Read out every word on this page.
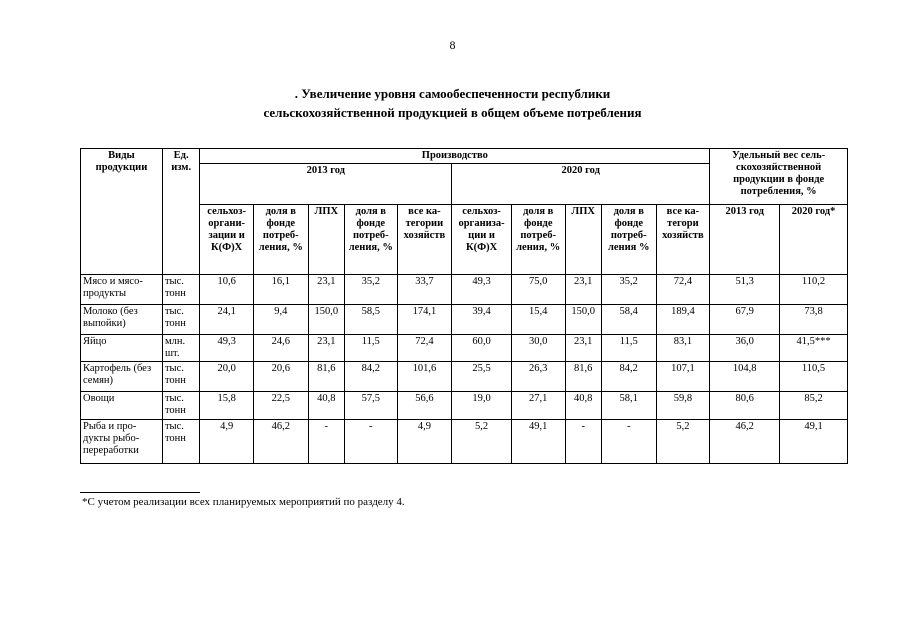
8
. Увеличение уровня самообеспеченности республики
сельскохозяйственной продукцией в общем объеме потребления
Виды продукции	Ед. изм.	Производство										Удельный вес сель-скохозяйственной продукции в фонде потребления, %	
		2013 год					2020 год						
		сельхоз-органи-зации и К(Ф)Х	доля в фонде потреб-ления, %	ЛПХ	доля в фонде потреб-ления, %	все ка-тегории хозяйств	сельхоз-организа-ции и К(Ф)Х	доля в фонде потреб-ления, %	ЛПХ	доля в фонде потреб-ления %	все ка-тегори хозяйств	2013 год	2020 год*
Мясо и мясо-продукты	тыс. тонн	10,6	16,1	23,1	35,2	33,7	49,3	75,0	23,1	35,2	72,4	51,3	110,2
Молоко (без выпойки)	тыс. тонн	24,1	9,4	150,0	58,5	174,1	39,4	15,4	150,0	58,4	189,4	67,9	73,8
Яйцо	млн. шт.	49,3	24,6	23,1	11,5	72,4	60,0	30,0	23,1	11,5	83,1	36,0	41,5***
Картофель (без семян)	тыс. тонн	20,0	20,6	81,6	84,2	101,6	25,5	26,3	81,6	84,2	107,1	104,8	110,5
Овощи	тыс. тонн	15,8	22,5	40,8	57,5	56,6	19,0	27,1	40,8	58,1	59,8	80,6	85,2
Рыба и про-дукты рыбо-переработки	тыс. тонн	4,9	46,2	-	-	4,9	5,2	49,1	-	-	5,2	46,2	49,1
*С учетом реализации всех планируемых мероприятий по разделу 4.
